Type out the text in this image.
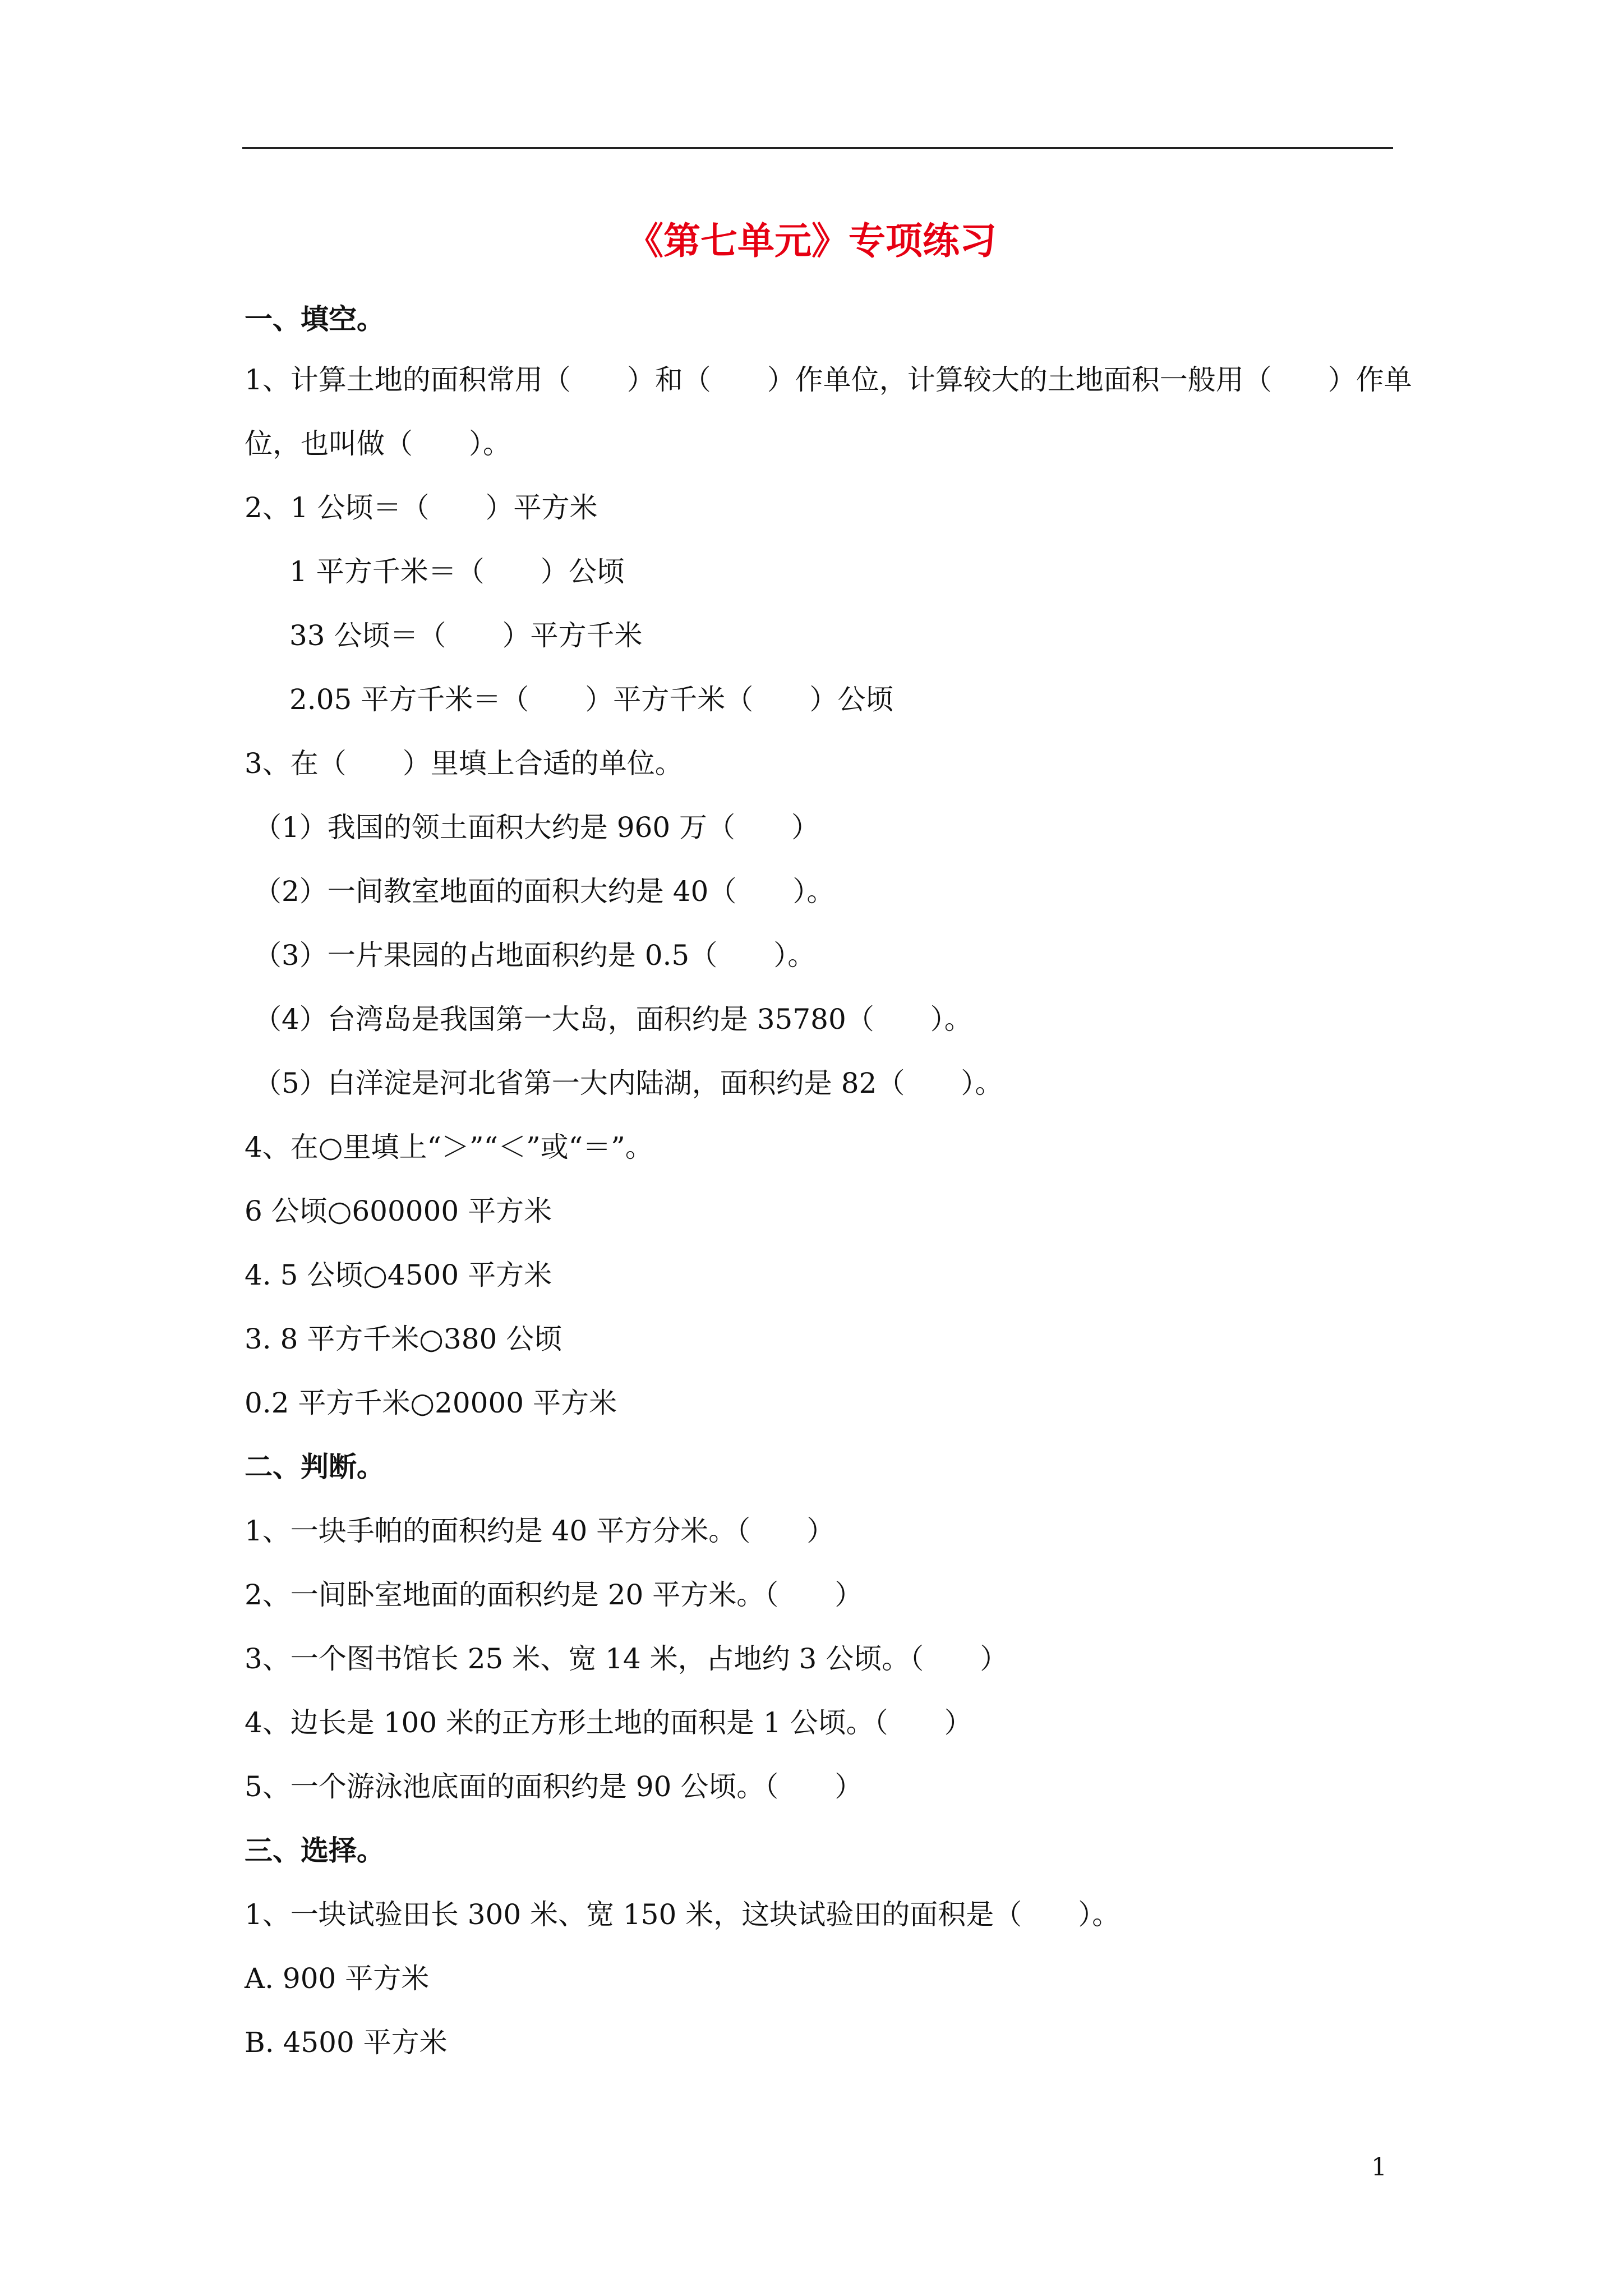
《第七单元》专项练习
一、填空。
1、计算土地的面积常用（　　）和（　　）作单位，计算较大的土地面积一般用（　　）作单
位，也叫做（　　）。
2、1 公顷＝（　　）平方米
1 平方千米＝（　　）公顷
33 公顷＝（　　）平方千米
2.05 平方千米＝（　　）平方千米（　　）公顷
3、在（　　）里填上合适的单位。
（1）我国的领土面积大约是 960 万（　　）
（2）一间教室地面的面积大约是 40（　　）。
（3）一片果园的占地面积约是 0.5（　　）。
（4）台湾岛是我国第一大岛，面积约是 35780（　　）。
（5）白洋淀是河北省第一大内陆湖，面积约是 82（　　）。
4、在○里填上“＞”“＜”或“＝”。
6 公顷○600000 平方米
4. 5 公顷○4500 平方米
3. 8 平方千米○380 公顷
0.2 平方千米○20000 平方米
二、判断。
1、一块手帕的面积约是 40 平方分米。（　　）
2、一间卧室地面的面积约是 20 平方米。（　　）
3、一个图书馆长 25 米、宽 14 米，占地约 3 公顷。（　　）
4、边长是 100 米的正方形土地的面积是 1 公顷。（　　）
5、一个游泳池底面的面积约是 90 公顷。（　　）
三、选择。
1、一块试验田长 300 米、宽 150 米，这块试验田的面积是（　　）。
A. 900 平方米
B. 4500 平方米
1
